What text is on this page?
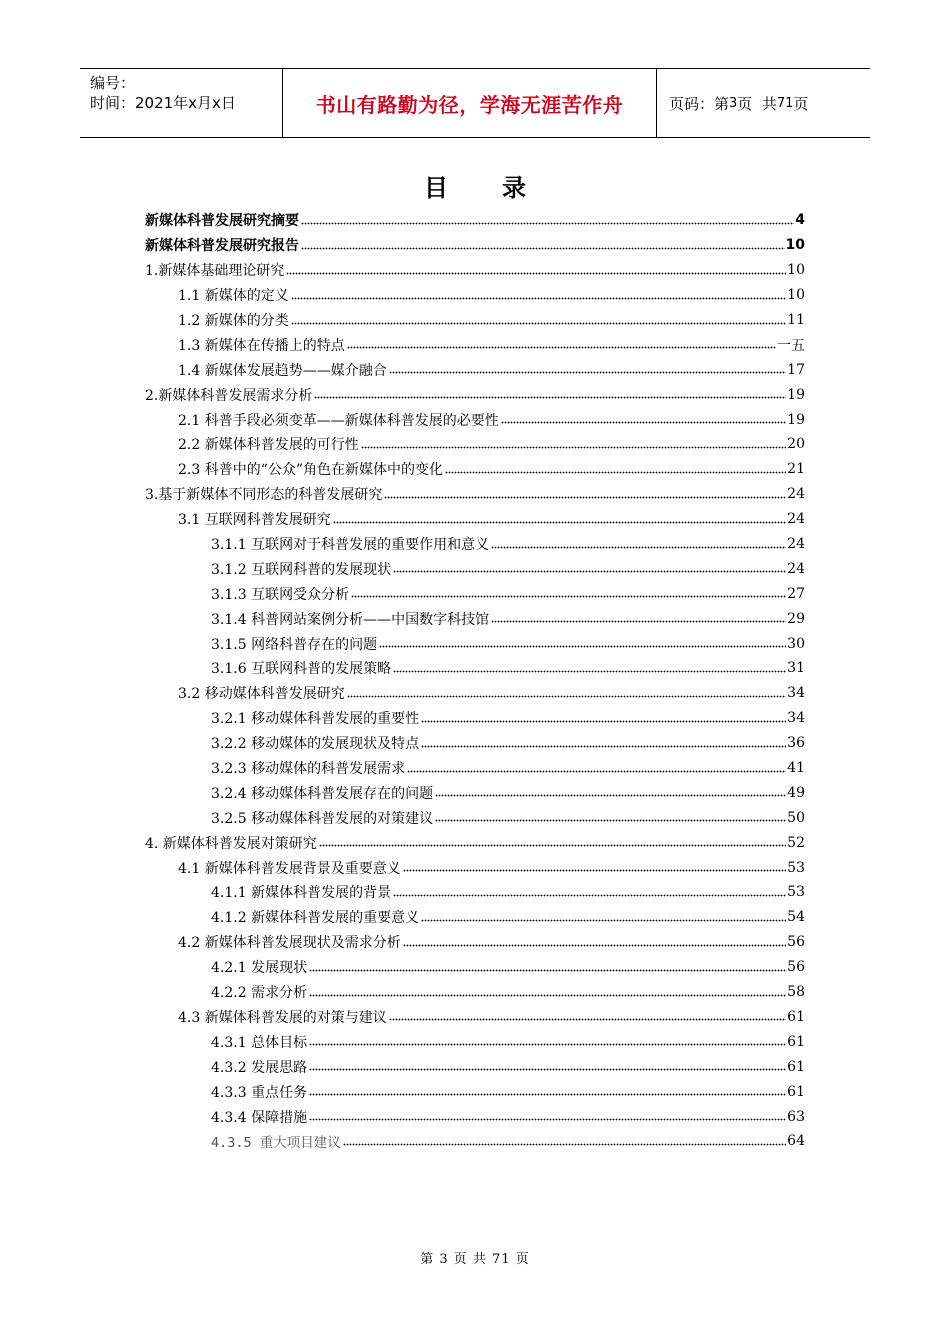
编号：
时间：2021年x月x日	书山有路勤为径，学海无涯苦作舟	页码：第 3 页  共 71 页
目录
新媒体科普发展研究摘要	4
新媒体科普发展研究报告	10
1.新媒体基础理论研究	10
1.1 新媒体的定义	10
1.2 新媒体的分类	11
1.3 新媒体在传播上的特点	一五
1.4 新媒体发展趋势——媒介融合	17
2.新媒体科普发展需求分析	19
2.1 科普手段必须变革——新媒体科普发展的必要性	19
2.2 新媒体科普发展的可行性	20
2.3 科普中的“公众”角色在新媒体中的变化	21
3.基于新媒体不同形态的科普发展研究	24
3.1 互联网科普发展研究	24
3.1.1 互联网对于科普发展的重要作用和意义	24
3.1.2 互联网科普的发展现状	24
3.1.3 互联网受众分析	27
3.1.4 科普网站案例分析——中国数字科技馆	29
3.1.5 网络科普存在的问题	30
3.1.6 互联网科普的发展策略	31
3.2 移动媒体科普发展研究	34
3.2.1 移动媒体科普发展的重要性	34
3.2.2 移动媒体的发展现状及特点	36
3.2.3 移动媒体的科普发展需求	41
3.2.4 移动媒体科普发展存在的问题	49
3.2.5 移动媒体科普发展的对策建议	50
4. 新媒体科普发展对策研究	52
4.1 新媒体科普发展背景及重要意义	53
4.1.1 新媒体科普发展的背景	53
4.1.2 新媒体科普发展的重要意义	54
4.2 新媒体科普发展现状及需求分析	56
4.2.1 发展现状	56
4.2.2 需求分析	58
4.3 新媒体科普发展的对策与建议	61
4.3.1 总体目标	61
4.3.2 发展思路	61
4.3.3 重点任务	61
4.3.4 保障措施	63
4.3.5 重大项目建议	64
第 3 页 共 71 页
